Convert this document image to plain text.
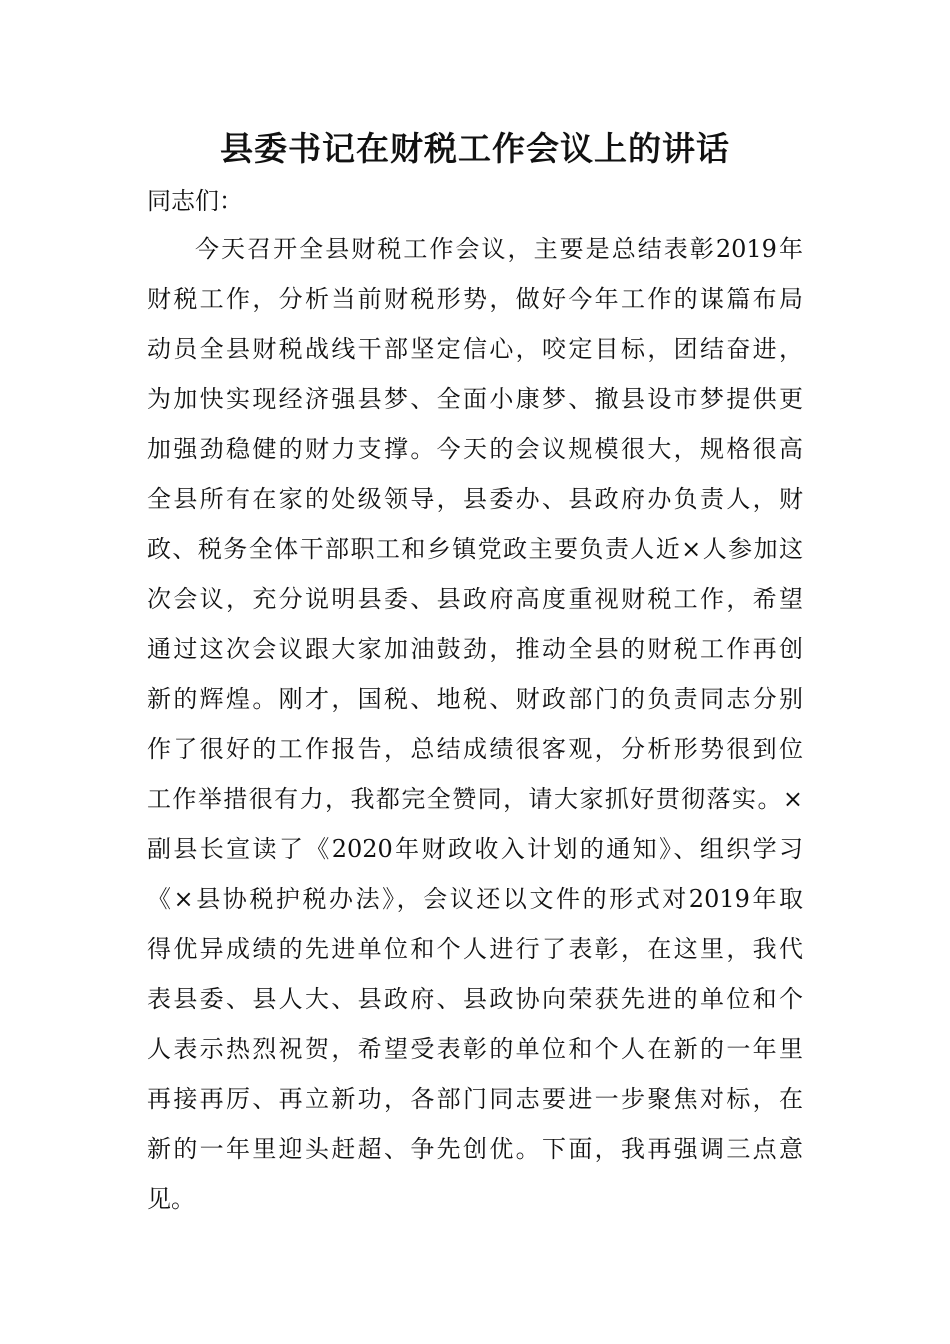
县委书记在财税工作会议上的讲话

同志们：

今天召开全县财税工作会议，主要是总结表彰2019年

财税工作，分析当前财税形势，做好今年工作的谋篇布局

动员全县财税战线干部坚定信心，咬定目标，团结奋进，

为加快实现经济强县梦、全面小康梦、撤县设市梦提供更

加强劲稳健的财力支撑。今天的会议规模很大，规格很高

全县所有在家的处级领导，县委办、县政府办负责人，财

政、税务全体干部职工和乡镇党政主要负责人近×人参加这

次会议，充分说明县委、县政府高度重视财税工作，希望

通过这次会议跟大家加油鼓劲，推动全县的财税工作再创

新的辉煌。刚才，国税、地税、财政部门的负责同志分别

作了很好的工作报告，总结成绩很客观，分析形势很到位

工作举措很有力，我都完全赞同，请大家抓好贯彻落实。×

副县长宣读了《2020年财政收入计划的通知》、组织学习

《×县协税护税办法》，会议还以文件的形式对2019年取

得优异成绩的先进单位和个人进行了表彰，在这里，我代

表县委、县人大、县政府、县政协向荣获先进的单位和个

人表示热烈祝贺，希望受表彰的单位和个人在新的一年里

再接再厉、再立新功，各部门同志要进一步聚焦对标，在

新的一年里迎头赶超、争先创优。下面，我再强调三点意

见。
